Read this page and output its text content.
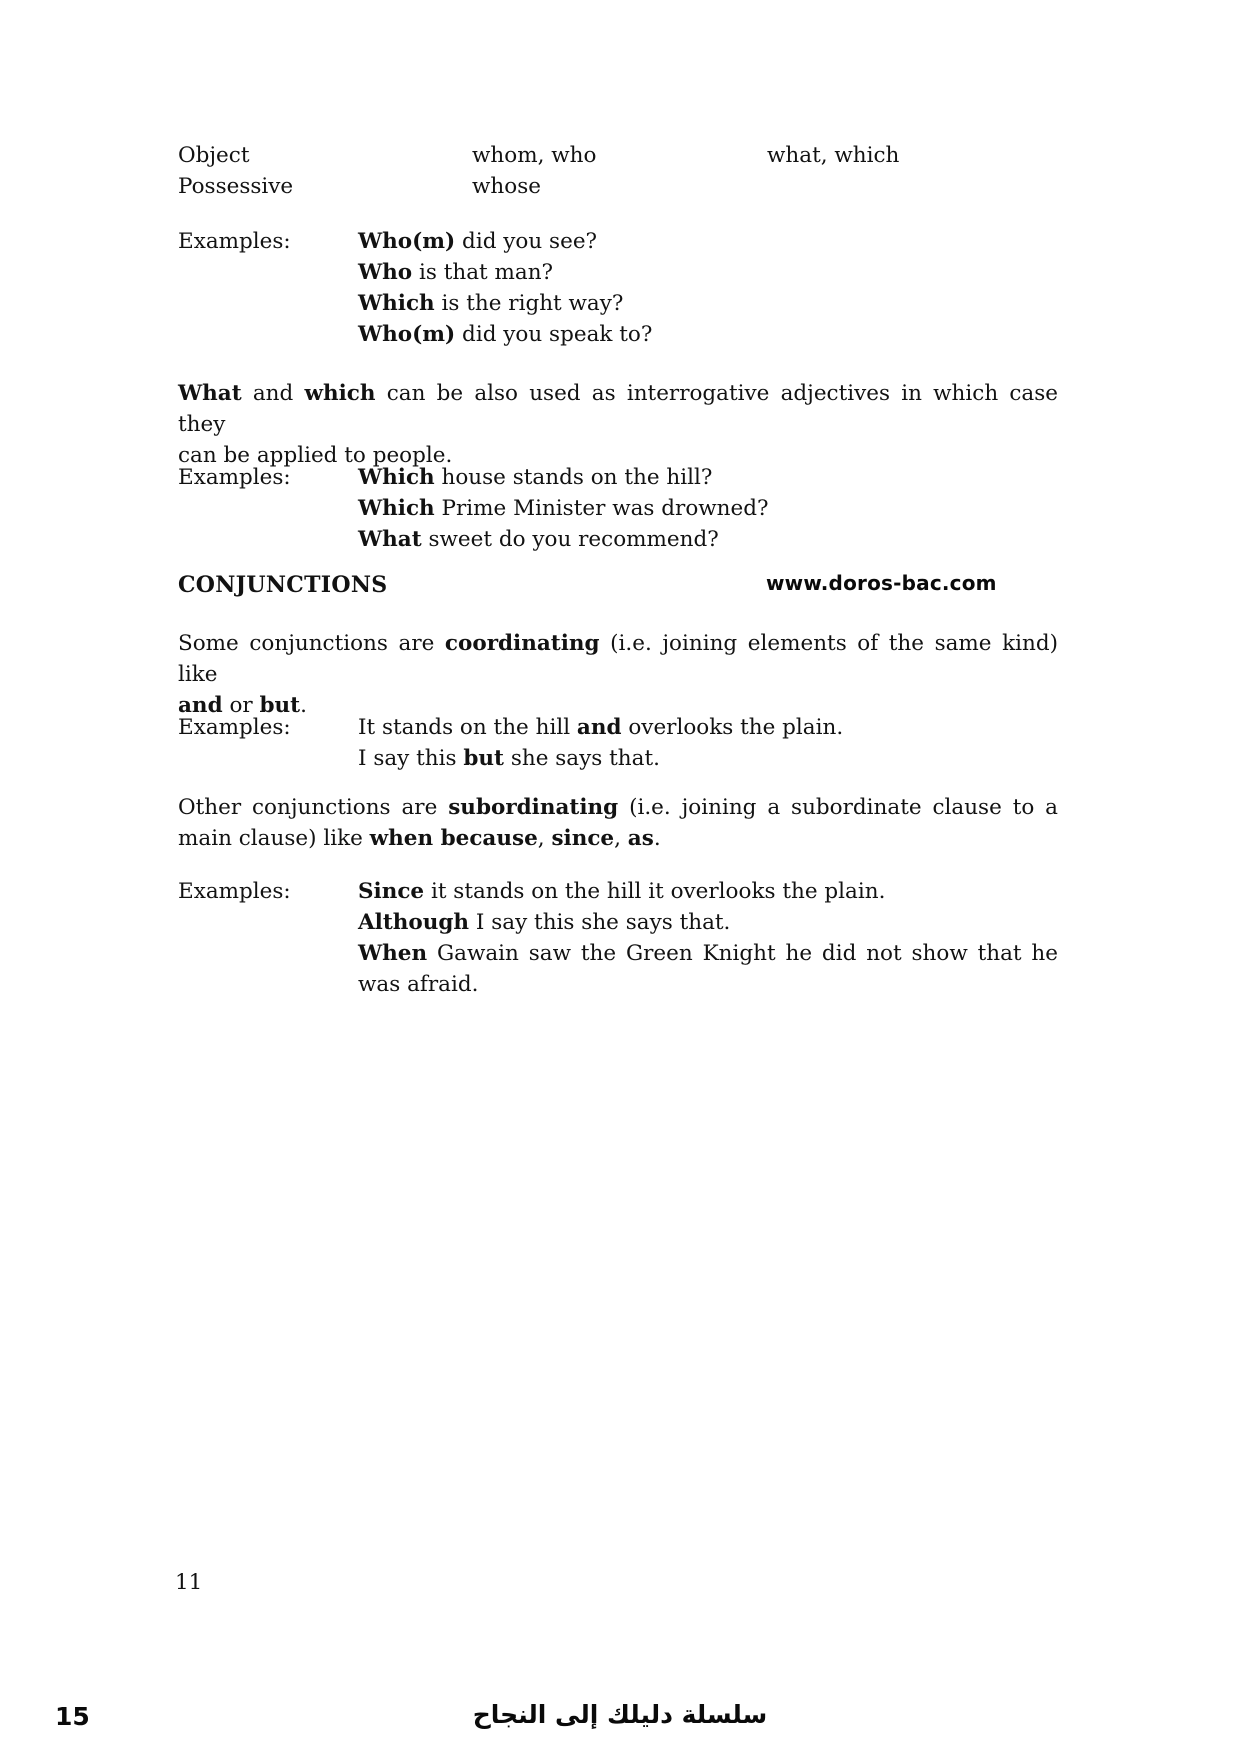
Object	whom, who	what, which
Possessive	whose
Examples:	Who(m) did you see?
Who is that man?
Which is the right way?
Who(m) did you speak to?
What and which can be also used as interrogative adjectives in which case they
can be applied to people.
Examples:	Which house stands on the hill?
Which Prime Minister was drowned?
What sweet do you recommend?
CONJUNCTIONS	www.doros-bac.com
Some conjunctions are coordinating (i.e. joining elements of the same kind) like
and or but.
Examples:	It stands on the hill and overlooks the plain.
I say this but she says that.
Other conjunctions are subordinating (i.e. joining a subordinate clause to a
main clause) like when because, since, as.
Examples:	Since it stands on the hill it overlooks the plain.
Although I say this she says that.
When Gawain saw the Green Knight he did not show that he
was afraid.
11
15	سلسلة دليلك إلى النجاح
